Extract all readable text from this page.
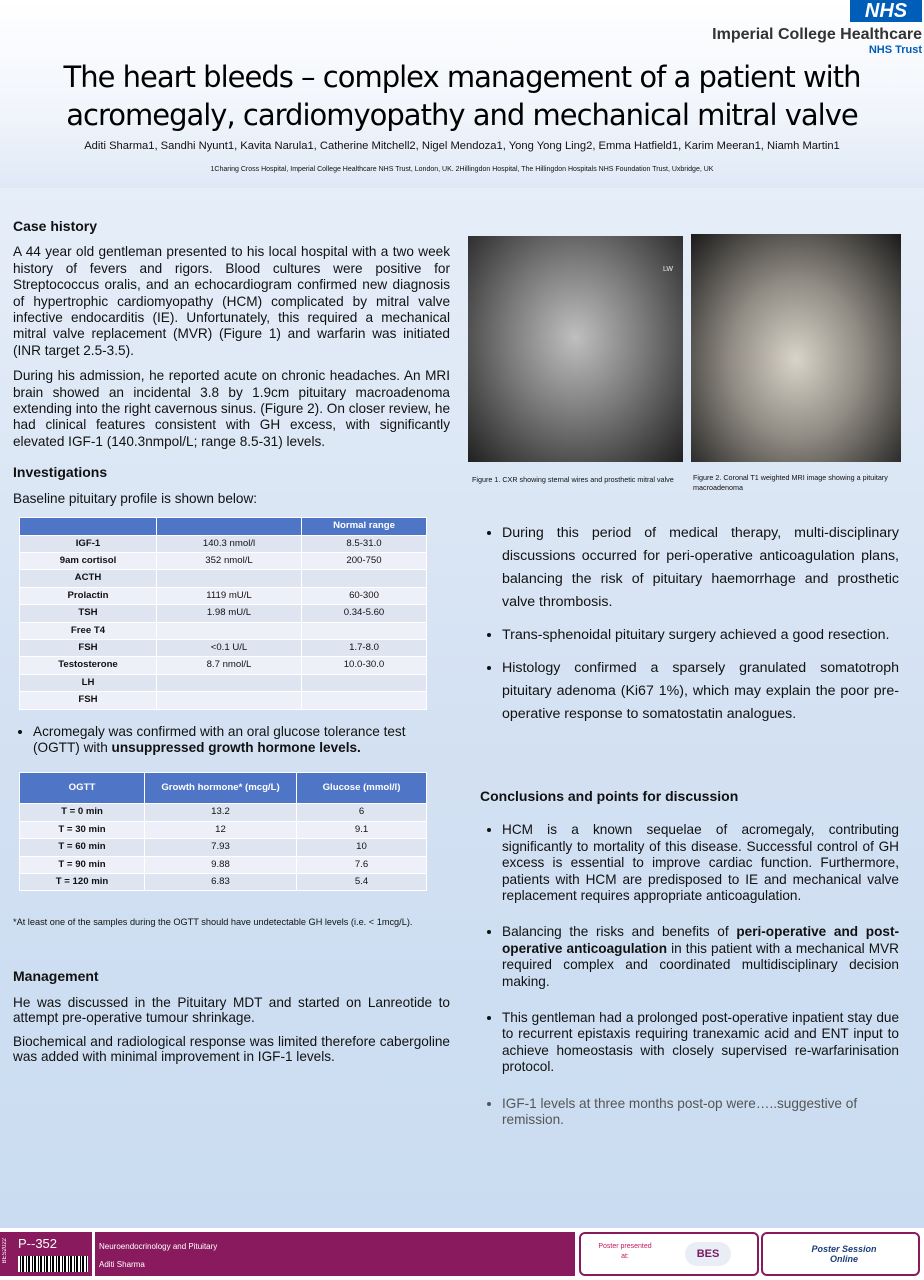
NHS
Imperial College Healthcare
NHS Trust
The heart bleeds – complex management of a patient with acromegaly, cardiomyopathy and mechanical mitral valve
Aditi Sharma1, Sandhi Nyunt1, Kavita Narula1, Catherine Mitchell2, Nigel Mendoza1, Yong Yong Ling2, Emma Hatfield1, Karim Meeran1, Niamh Martin1
1Charing Cross Hospital, Imperial College Healthcare NHS Trust, London, UK. 2Hillingdon Hospital, The Hillingdon Hospitals NHS Foundation Trust, Uxbridge, UK
Case history
A 44 year old gentleman presented to his local hospital with a two week history of fevers and rigors. Blood cultures were positive for Streptococcus oralis, and an echocardiogram confirmed new diagnosis of hypertrophic cardiomyopathy (HCM) complicated by mitral valve infective endocarditis (IE). Unfortunately, this required a mechanical mitral valve replacement (MVR) (Figure 1) and warfarin was initiated (INR target 2.5-3.5).
During his admission, he reported acute on chronic headaches. An MRI brain showed an incidental 3.8 by 1.9cm pituitary macroadenoma extending into the right cavernous sinus. (Figure 2). On closer review, he had clinical features consistent with GH excess, with significantly elevated IGF-1 (140.3nmpol/L; range 8.5-31) levels.
Investigations
Baseline pituitary profile is shown below:
		Normal range
IGF-1	140.3 nmol/l	8.5-31.0
9am cortisol	352 nmol/L	200-750
ACTH		
Prolactin	1119 mU/L	60-300
TSH	1.98 mU/L	0.34-5.60
Free T4		
FSH	<0.1 U/L	1.7-8.0
Testosterone	8.7 nmol/L	10.0-30.0
LH		
FSH		
• Acromegaly was confirmed with an oral glucose tolerance test (OGTT) with unsuppressed growth hormone levels.
OGTT	Growth hormone* (mcg/L)	Glucose (mmol/l)
T = 0 min	13.2	6
T = 30 min	12	9.1
T = 60 min	7.93	10
T = 90 min	9.88	7.6
T = 120 min	6.83	5.4
*At least one of the samples during the OGTT should have undetectable GH levels (i.e. < 1mcg/L).
Management
He was discussed in the Pituitary MDT and started on Lanreotide to attempt pre-operative tumour shrinkage.
Biochemical and radiological response was limited therefore cabergoline was added with minimal improvement in IGF-1 levels.
LW
Figure 1. CXR showing sternal wires and prosthetic mitral valve	Figure 2. Coronal T1 weighted MRI image showing a pituitary macroadenoma
• During this period of medical therapy, multi-disciplinary discussions occurred for peri-operative anticoagulation plans, balancing the risk of pituitary haemorrhage and prosthetic valve thrombosis.
• Trans-sphenoidal pituitary surgery achieved a good resection.
• Histology confirmed a sparsely granulated somatotroph pituitary adenoma (Ki67 1%), which may explain the poor pre-operative response to somatostatin analogues.
Conclusions and points for discussion
• HCM is a known sequelae of acromegaly, contributing significantly to mortality of this disease. Successful control of GH excess is essential to improve cardiac function. Furthermore, patients with HCM are predisposed to IE and mechanical valve replacement requires appropriate anticoagulation.
• Balancing the risks and benefits of peri-operative and post-operative anticoagulation in this patient with a mechanical MVR required complex and coordinated multidisciplinary decision making.
• This gentleman had a prolonged post-operative inpatient stay due to recurrent epistaxis requiring tranexamic acid and ENT input to achieve homeostasis with closely supervised re-warfarinisation protocol.
• IGF-1 levels at three months post-op were…..suggestive of remission.
BES2022 P--352	Neuroendocrinology and Pituitary
Aditi Sharma
Poster presented at:	BES	Poster Session Online
